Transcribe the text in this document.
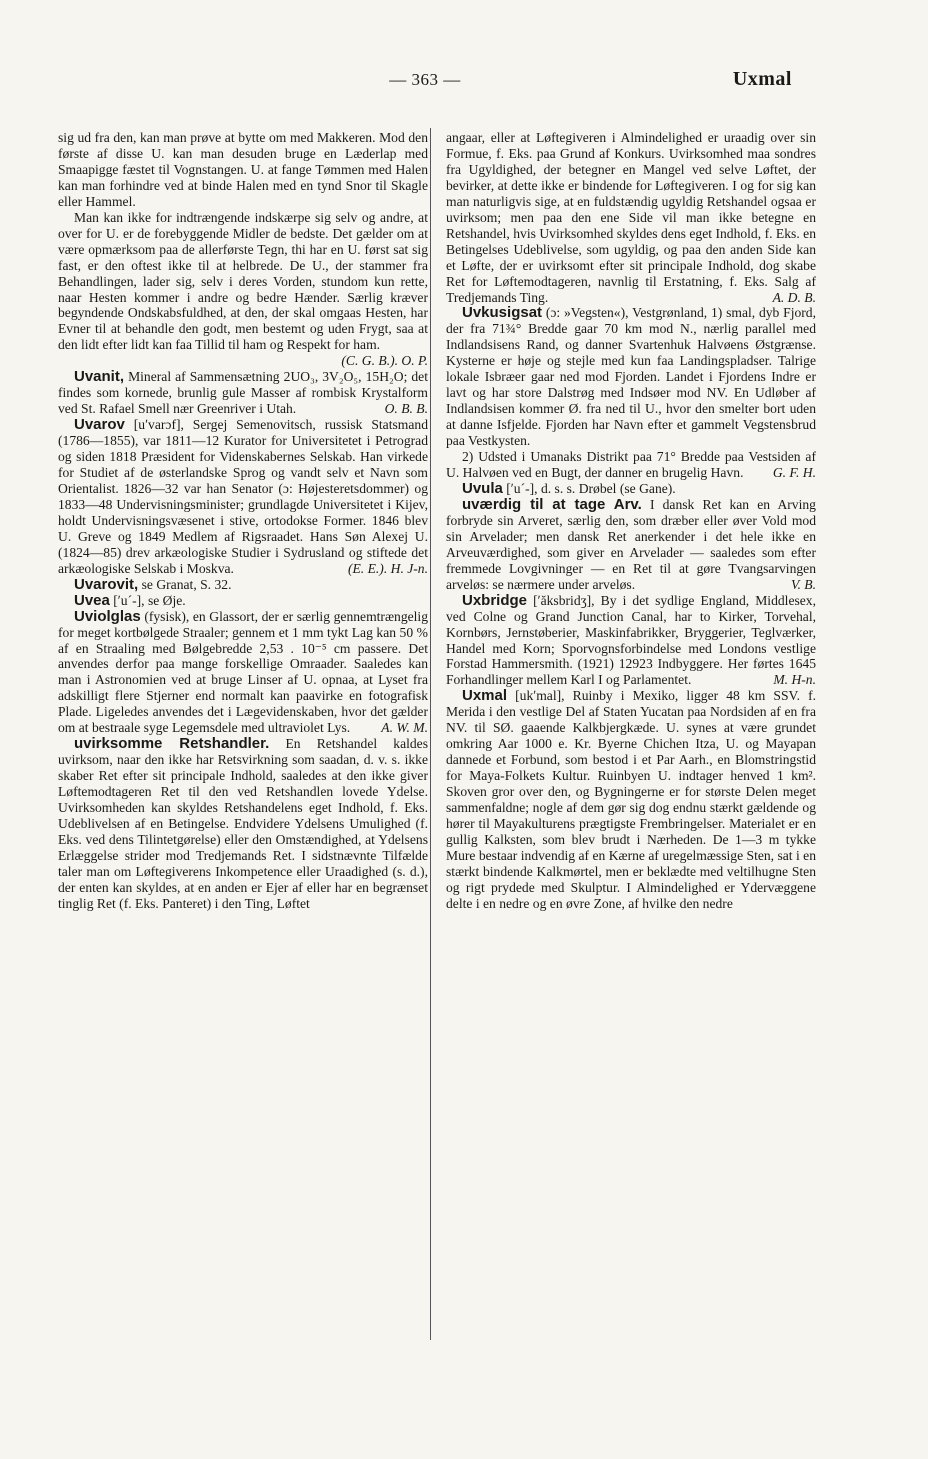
— 363 —	Uxmal

sig ud fra den, kan man prøve at bytte om med Makkeren. Mod den første af disse U. kan man desuden bruge en Læderlap med Smaapigge fæstet til Vognstangen. U. at fange Tømmen med Halen kan man forhindre ved at binde Halen med en tynd Snor til Skagle eller Hammel.

Man kan ikke for indtrængende indskærpe sig selv og andre, at over for U. er de forebyggende Midler de bedste. Det gælder om at være opmærksom paa de allerførste Tegn, thi har en U. først sat sig fast, er den oftest ikke til at helbrede. De U., der stammer fra Behandlingen, lader sig, selv i deres Vorden, stundom kun rette, naar Hesten kommer i andre og bedre Hænder. Særlig kræver begyndende Ondskabsfuldhed, at den, der skal omgaas Hesten, har Evner til at behandle den godt, men bestemt og uden Frygt, saa at den lidt efter lidt kan faa Tillid til ham og Respekt for ham.
(C. G. B.). O. P.

Uvanit, Mineral af Sammensætning 2UO₃, 3V₂O₅, 15H₂O; det findes som kornede, brunlig gule Masser af rombisk Krystalform ved St. Rafael Smell nær Greenriver i Utah.	O. B. B.

Uvarov [uʹvarɔf], Sergej Semenovitsch, russisk Statsmand (1786—1855), var 1811—12 Kurator for Universitetet i Petrograd og siden 1818 Præsident for Videnskabernes Selskab. Han virkede for Studiet af de østerlandske Sprog og vandt selv et Navn som Orientalist. 1826—32 var han Senator (ɔ: Højesteretsdommer) og 1833—48 Undervisningsminister; grundlagde Universitetet i Kijev, holdt Undervisningsvæsenet i stive, ortodokse Former. 1846 blev U. Greve og 1849 Medlem af Rigsraadet. Hans Søn Alexej U. (1824—85) drev arkæologiske Studier i Sydrusland og stiftede det arkæologiske Selskab i Moskva.	(E. E.). H. J-n.

Uvarovit, se Granat, S. 32.

Uvea [ʹuˊ-], se Øje.

Uviolglas (fysisk), en Glassort, der er særlig gennemtrængelig for meget kortbølgede Straaler; gennem et 1 mm tykt Lag kan 50 % af en Straaling med Bølgebredde 2,53 . 10⁻⁵ cm passere. Det anvendes derfor paa mange forskellige Omraader. Saaledes kan man i Astronomien ved at bruge Linser af U. opnaa, at Lyset fra adskilligt flere Stjerner end normalt kan paavirke en fotografisk Plade. Ligeledes anvendes det i Lægevidenskaben, hvor det gælder om at bestraale syge Legemsdele med ultraviolet Lys.	A. W. M.

uvirksomme Retshandler. En Retshandel kaldes uvirksom, naar den ikke har Retsvirkning som saadan, d. v. s. ikke skaber Ret efter sit principale Indhold, saaledes at den ikke giver Løftemodtageren Ret til den ved Retshandlen lovede Ydelse. Uvirksomheden kan skyldes Retshandelens eget Indhold, f. Eks. Udeblivelsen af en Betingelse. Endvidere Ydelsens Umulighed (f. Eks. ved dens Tilintetgørelse) eller den Omstændighed, at Ydelsens Erlæggelse strider mod Tredjemands Ret. I sidstnævnte Tilfælde taler man om Løftegiverens Inkompetence eller Uraadighed (s. d.), der enten kan skyldes, at en anden er Ejer af eller har en begrænset tinglig Ret (f. Eks. Panteret) i den Ting, Løftet

angaar, eller at Løftegiveren i Almindelighed er uraadig over sin Formue, f. Eks. paa Grund af Konkurs. Uvirksomhed maa sondres fra Ugyldighed, der betegner en Mangel ved selve Løftet, der bevirker, at dette ikke er bindende for Løftegiveren. I og for sig kan man naturligvis sige, at en fuldstændig ugyldig Retshandel ogsaa er uvirksom; men paa den ene Side vil man ikke betegne en Retshandel, hvis Uvirksomhed skyldes dens eget Indhold, f. Eks. en Betingelses Udeblivelse, som ugyldig, og paa den anden Side kan et Løfte, der er uvirksomt efter sit principale Indhold, dog skabe Ret for Løftemodtageren, navnlig til Erstatning, f. Eks. Salg af Tredjemands Ting.	A. D. B.

Uvkusigsat (ɔ: »Vegsten«), Vestgrønland, 1) smal, dyb Fjord, der fra 71¾° Bredde gaar 70 km mod N., nærlig parallel med Indlandsisens Rand, og danner Svartenhuk Halvøens Østgrænse. Kysterne er høje og stejle med kun faa Landingspladser. Talrige lokale Isbræer gaar ned mod Fjorden. Landet i Fjordens Indre er lavt og har store Dalstrøg med Indsøer mod NV. En Udløber af Indlandsisen kommer Ø. fra ned til U., hvor den smelter bort uden at danne Isfjelde. Fjorden har Navn efter et gammelt Vegstensbrud paa Vestkysten.

2) Udsted i Umanaks Distrikt paa 71° Bredde paa Vestsiden af U. Halvøen ved en Bugt, der danner en brugelig Havn.	G. F. H.

Uvula [ʹuˊ-], d. s. s. Drøbel (se Gane).

uværdig til at tage Arv. I dansk Ret kan en Arving forbryde sin Arveret, særlig den, som dræber eller øver Vold mod sin Arvelader; men dansk Ret anerkender i det hele ikke en Arveuværdighed, som giver en Arvelader — saaledes som efter fremmede Lovgivninger — en Ret til at gøre Tvangsarvingen arveløs: se nærmere under arveløs.	V. B.

Uxbridge [ʹăksbridʒ], By i det sydlige England, Middlesex, ved Colne og Grand Junction Canal, har to Kirker, Torvehal, Kornbørs, Jernstøberier, Maskinfabrikker, Bryggerier, Teglværker, Handel med Korn; Sporvognsforbindelse med Londons vestlige Forstad Hammersmith. (1921) 12923 Indbyggere. Her førtes 1645 Forhandlinger mellem Karl I og Parlamentet.	M. H-n.

Uxmal [ukʹmal], Ruinby i Mexiko, ligger 48 km SSV. f. Merida i den vestlige Del af Staten Yucatan paa Nordsiden af en fra NV. til SØ. gaaende Kalkbjergkæde. U. synes at være grundet omkring Aar 1000 e. Kr. Byerne Chichen Itza, U. og Mayapan dannede et Forbund, som bestod i et Par Aarh., en Blomstringstid for Maya-Folkets Kultur. Ruinbyen U. indtager henved 1 km². Skoven gror over den, og Bygningerne er for største Delen meget sammenfaldne; nogle af dem gør sig dog endnu stærkt gældende og hører til Mayakulturens prægtigste Frembringelser. Materialet er en gullig Kalksten, som blev brudt i Nærheden. De 1—3 m tykke Mure bestaar indvendig af en Kærne af uregelmæssige Sten, sat i en stærkt bindende Kalkmørtel, men er beklædte med veltilhugne Sten og rigt prydede med Skulptur. I Almindelighed er Ydervæggene delte i en nedre og en øvre Zone, af hvilke den nedre
